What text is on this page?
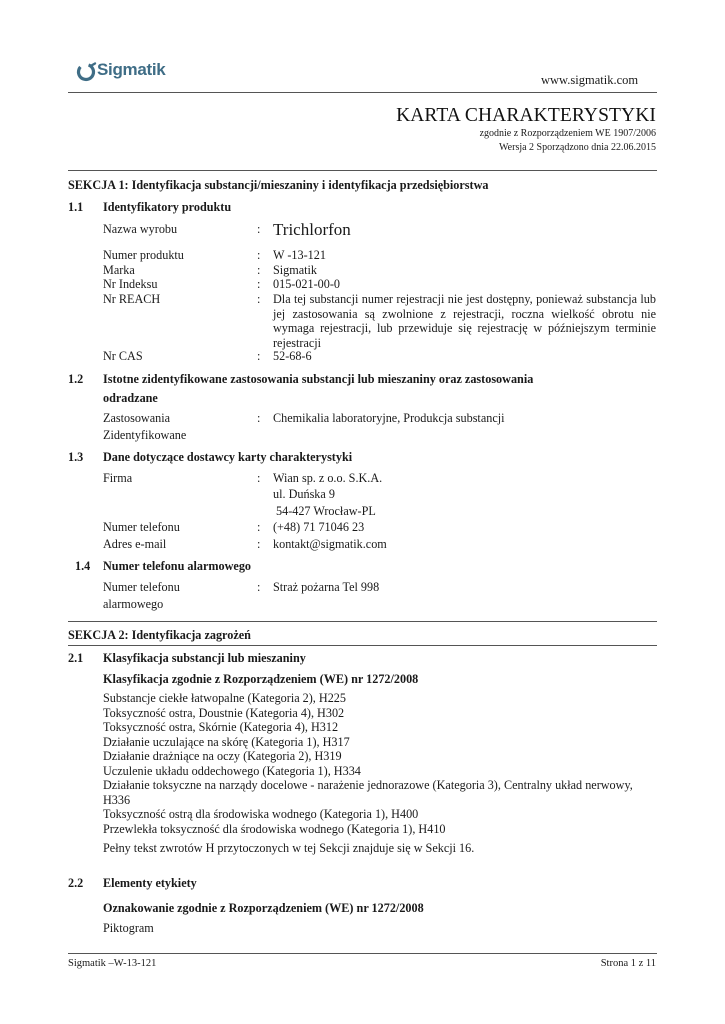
Sigmatik
www.sigmatik.com
KARTA CHARAKTERYSTYKI
zgodnie z Rozporządzeniem WE 1907/2006
Wersja 2 Sporządzono dnia 22.06.2015
SEKCJA 1: Identyfikacja substancji/mieszaniny i identyfikacja przedsiębiorstwa
1.1 Identyfikatory produktu
Nazwa wyrobu	: Trichlorfon
Numer produktu	: W -13-121
Marka	: Sigmatik
Nr Indeksu	: 015-021-00-0
Nr REACH	: Dla tej substancji numer rejestracji nie jest dostępny, ponieważ substancja lub jej zastosowania są zwolnione z rejestracji, roczna wielkość obrotu nie wymaga rejestracji, lub przewiduje się rejestrację w późniejszym terminie rejestracji
Nr CAS	: 52-68-6
1.2 Istotne zidentyfikowane zastosowania substancji lub mieszaniny oraz zastosowania
odradzane
Zastosowania
Zidentyfikowane
: Chemikalia laboratoryjne, Produkcja substancji
1.3 Dane dotyczące dostawcy karty charakterystyki
Firma	: Wian sp. z o.o. S.K.A.
ul. Duńska 9
54-427 Wrocław-PL
Numer telefonu	: (+48) 71 71046 23
Adres e-mail	: kontakt@sigmatik.com
1.4 Numer telefonu alarmowego
Numer telefonu
alarmowego
: Straż pożarna Tel 998
SEKCJA 2: Identyfikacja zagrożeń
2.1 Klasyfikacja substancji lub mieszaniny
Klasyfikacja zgodnie z Rozporządzeniem (WE) nr 1272/2008
Substancje ciekłe łatwopalne (Kategoria 2), H225
Toksyczność ostra, Doustnie (Kategoria 4), H302
Toksyczność ostra, Skórnie (Kategoria 4), H312
Działanie uczulające na skórę (Kategoria 1), H317
Działanie drażniące na oczy (Kategoria 2), H319
Uczulenie układu oddechowego (Kategoria 1), H334
Działanie toksyczne na narządy docelowe - narażenie jednorazowe (Kategoria 3), Centralny układ nerwowy, H336
Toksyczność ostrą dla środowiska wodnego (Kategoria 1), H400
Przewlekła toksyczność dla środowiska wodnego (Kategoria 1), H410
Pełny tekst zwrotów H przytoczonych w tej Sekcji znajduje się w Sekcji 16.
2.2 Elementy etykiety
Oznakowanie zgodnie z Rozporządzeniem (WE) nr 1272/2008
Piktogram
Sigmatik –W-13-121	Strona 1 z 11
